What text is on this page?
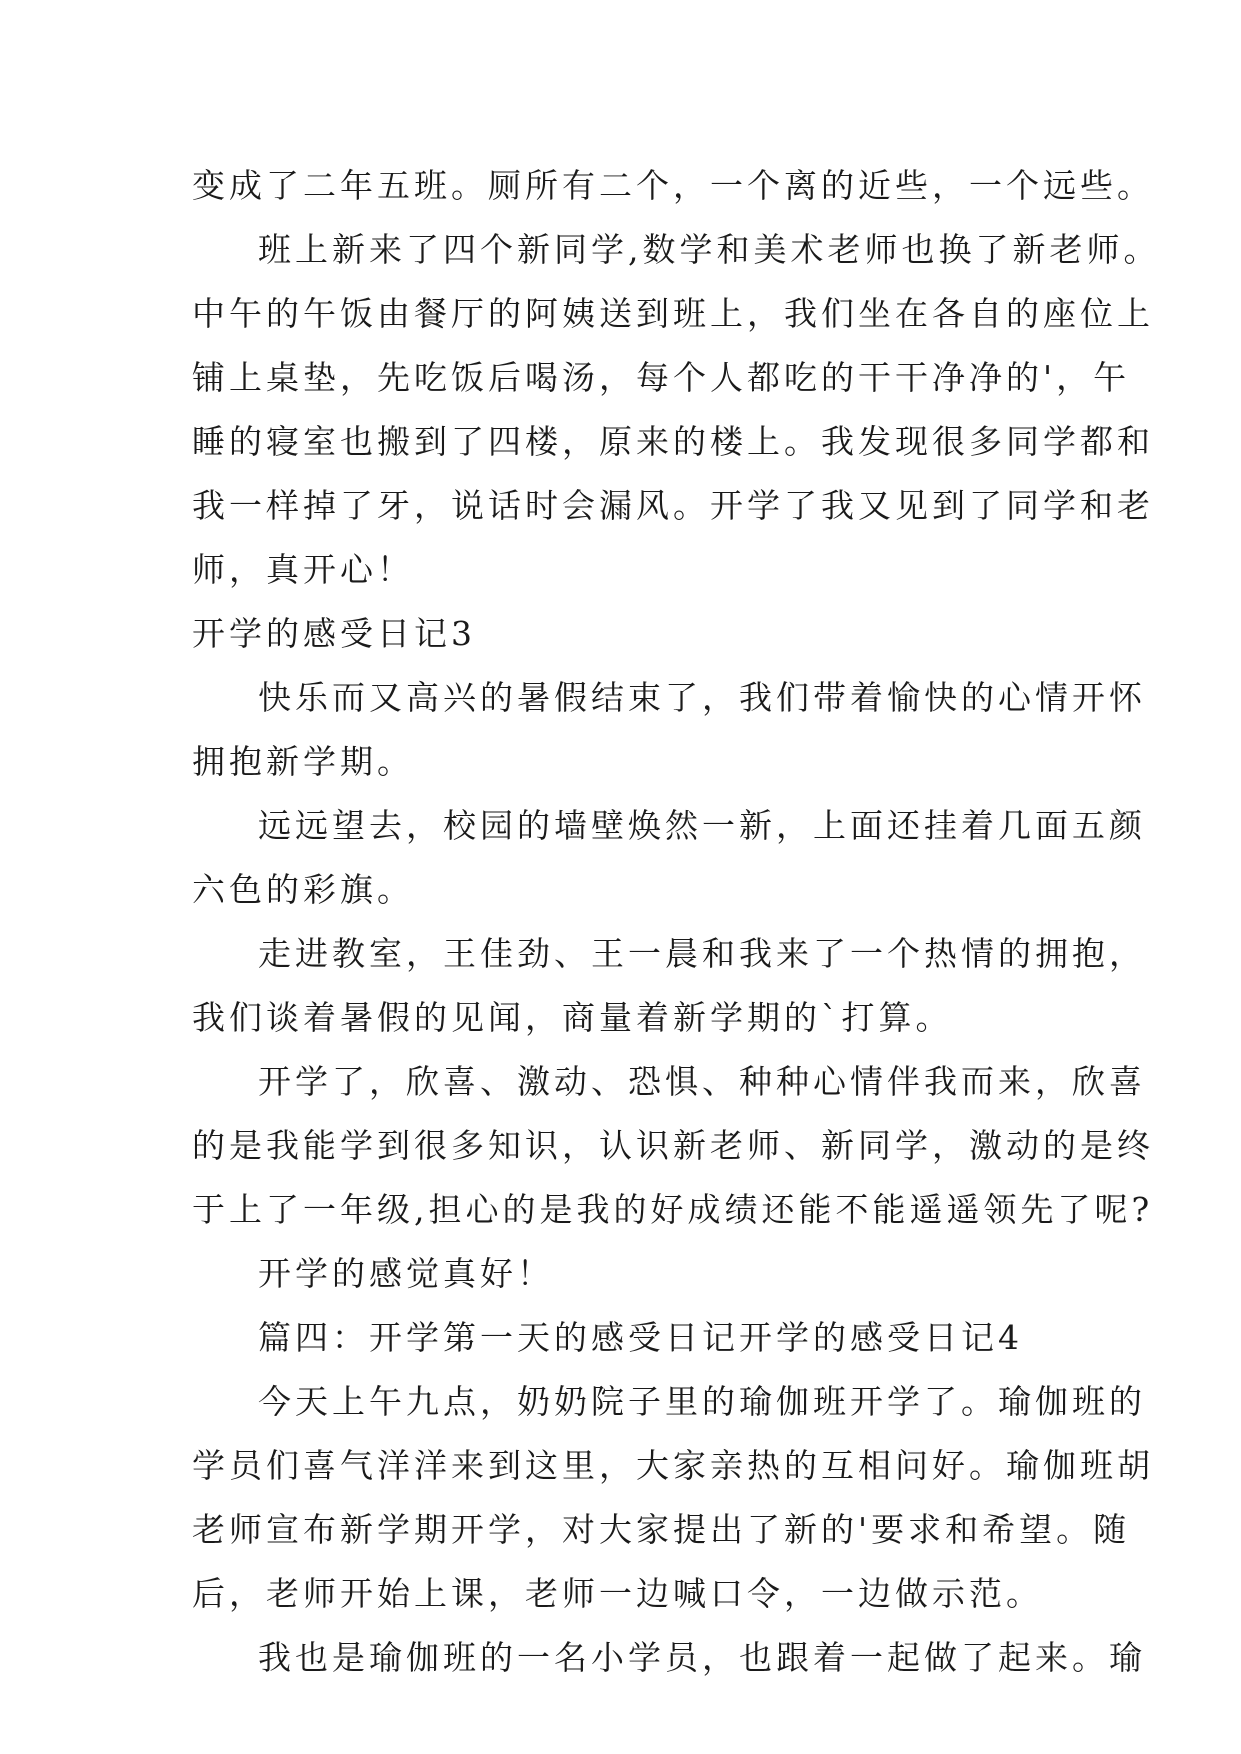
变成了二年五班。厕所有二个，一个离的近些，一个远些。
班上新来了四个新同学,数学和美术老师也换了新老师。
中午的午饭由餐厅的阿姨送到班上，我们坐在各自的座位上
铺上桌垫，先吃饭后喝汤，每个人都吃的干干净净的'，午
睡的寝室也搬到了四楼，原来的楼上。我发现很多同学都和
我一样掉了牙，说话时会漏风。开学了我又见到了同学和老
师，真开心！
开学的感受日记3
快乐而又高兴的暑假结束了，我们带着愉快的心情开怀
拥抱新学期。
远远望去，校园的墙壁焕然一新，上面还挂着几面五颜
六色的彩旗。
走进教室，王佳劲、王一晨和我来了一个热情的拥抱，
我们谈着暑假的见闻，商量着新学期的`打算。
开学了，欣喜、激动、恐惧、种种心情伴我而来，欣喜
的是我能学到很多知识，认识新老师、新同学，激动的是终
于上了一年级,担心的是我的好成绩还能不能遥遥领先了呢?
开学的感觉真好！
篇四：开学第一天的感受日记开学的感受日记4
今天上午九点，奶奶院子里的瑜伽班开学了。瑜伽班的
学员们喜气洋洋来到这里，大家亲热的互相问好。瑜伽班胡
老师宣布新学期开学，对大家提出了新的'要求和希望。随
后，老师开始上课，老师一边喊口令，一边做示范。
我也是瑜伽班的一名小学员，也跟着一起做了起来。瑜
